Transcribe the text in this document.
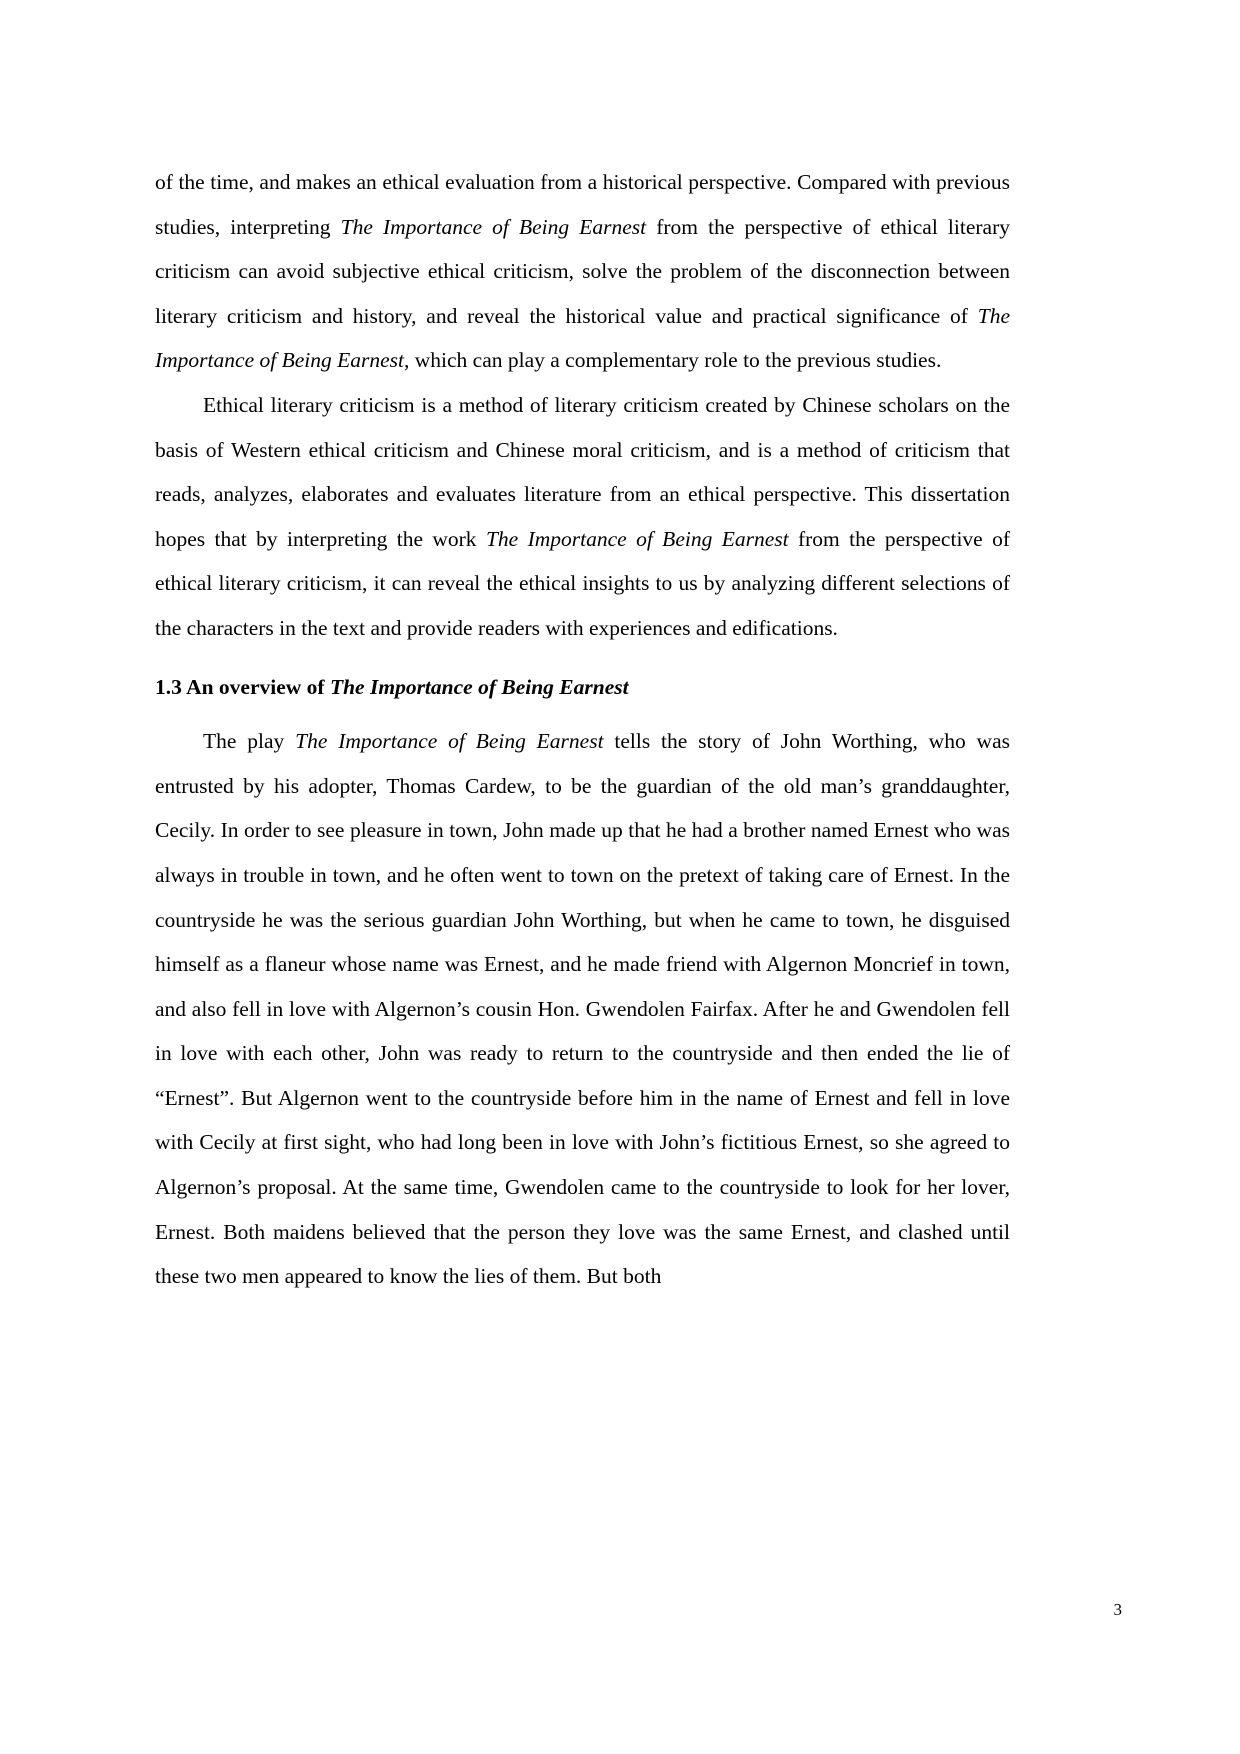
of the time, and makes an ethical evaluation from a historical perspective. Compared with previous studies, interpreting The Importance of Being Earnest from the perspective of ethical literary criticism can avoid subjective ethical criticism, solve the problem of the disconnection between literary criticism and history, and reveal the historical value and practical significance of The Importance of Being Earnest, which can play a complementary role to the previous studies.

Ethical literary criticism is a method of literary criticism created by Chinese scholars on the basis of Western ethical criticism and Chinese moral criticism, and is a method of criticism that reads, analyzes, elaborates and evaluates literature from an ethical perspective. This dissertation hopes that by interpreting the work The Importance of Being Earnest from the perspective of ethical literary criticism, it can reveal the ethical insights to us by analyzing different selections of the characters in the text and provide readers with experiences and edifications.

1.3 An overview of The Importance of Being Earnest

The play The Importance of Being Earnest tells the story of John Worthing, who was entrusted by his adopter, Thomas Cardew, to be the guardian of the old man’s granddaughter, Cecily. In order to see pleasure in town, John made up that he had a brother named Ernest who was always in trouble in town, and he often went to town on the pretext of taking care of Ernest. In the countryside he was the serious guardian John Worthing, but when he came to town, he disguised himself as a flaneur whose name was Ernest, and he made friend with Algernon Moncrief in town, and also fell in love with Algernon’s cousin Hon. Gwendolen Fairfax. After he and Gwendolen fell in love with each other, John was ready to return to the countryside and then ended the lie of “Ernest”. But Algernon went to the countryside before him in the name of Ernest and fell in love with Cecily at first sight, who had long been in love with John’s fictitious Ernest, so she agreed to Algernon’s proposal. At the same time, Gwendolen came to the countryside to look for her lover, Ernest. Both maidens believed that the person they love was the same Ernest, and clashed until these two men appeared to know the lies of them. But both

3
